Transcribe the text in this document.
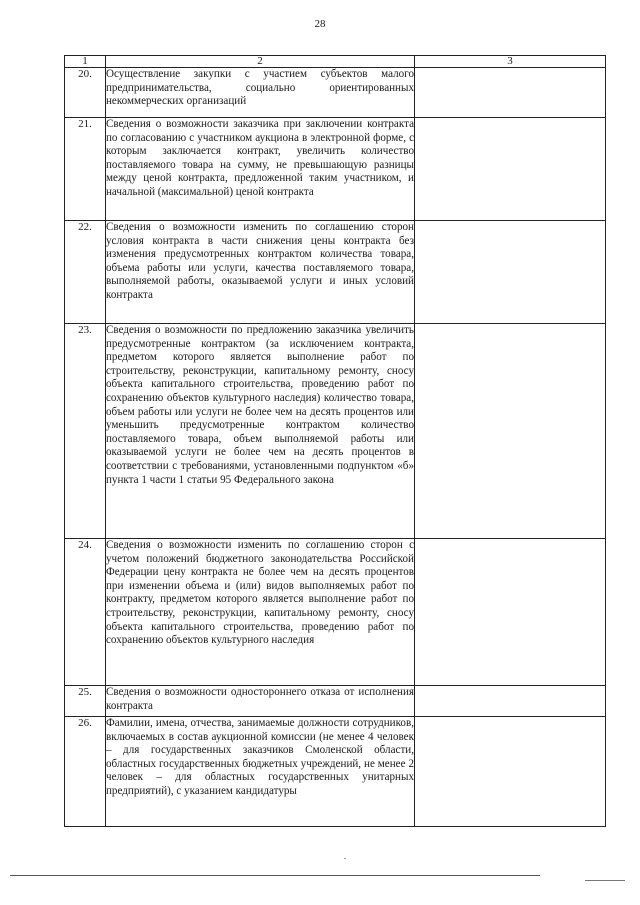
28
1	2	3
20.	Осуществление закупки с участием субъектов малого предпринимательства, социально ориентированных некоммерческих организаций	
21.	Сведения о возможности заказчика при заключении контракта по согласованию с участником аукциона в электронной форме, с которым заключается контракт, увеличить количество поставляемого товара на сумму, не превышающую разницы между ценой контракта, предложенной таким участником, и начальной (максимальной) ценой контракта	
22.	Сведения о возможности изменить по соглашению сторон условия контракта в части снижения цены контракта без изменения предусмотренных контрактом количества товара, объема работы или услуги, качества поставляемого товара, выполняемой работы, оказываемой услуги и иных условий контракта	
23.	Сведения о возможности по предложению заказчика увеличить предусмотренные контрактом (за исключением контракта, предметом которого является выполнение работ по строительству, реконструкции, капитальному ремонту, сносу объекта капитального строительства, проведению работ по сохранению объектов культурного наследия) количество товара, объем работы или услуги не более чем на десять процентов или уменьшить предусмотренные контрактом количество поставляемого товара, объем выполняемой работы или оказываемой услуги не более чем на десять процентов в соответствии с требованиями, установленными подпунктом «б» пункта 1 части 1 статьи 95 Федерального закона	
24.	Сведения о возможности изменить по соглашению сторон с учетом положений бюджетного законодательства Российской Федерации цену контракта не более чем на десять процентов при изменении объема и (или) видов выполняемых работ по контракту, предметом которого является выполнение работ по строительству, реконструкции, капитальному ремонту, сносу объекта капитального строительства, проведению работ по сохранению объектов культурного наследия	
25.	Сведения о возможности одностороннего отказа от исполнения контракта	
26.	Фамилии, имена, отчества, занимаемые должности сотрудников, включаемых в состав аукционной комиссии (не менее 4 человек – для государственных заказчиков Смоленской области, областных государственных бюджетных учреждений, не менее 2 человек – для областных государственных унитарных предприятий), с указанием кандидатуры	
